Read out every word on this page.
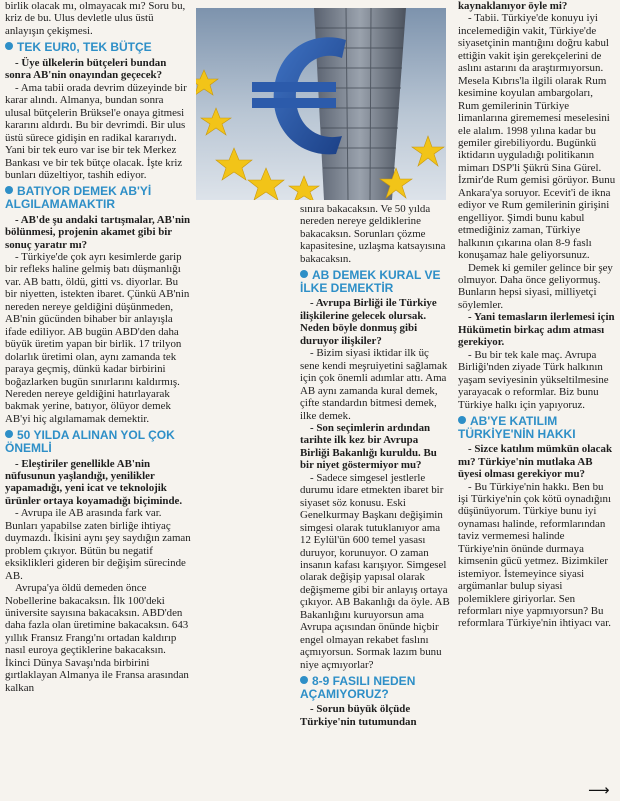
birlik olacak mı, olmayacak mı? Soru bu, kriz de bu. Ulus devletle ulus üstü anlayışın çekişmesi.

TEK EUR0, TEK BÜTÇE

- Üye ülkelerin bütçeleri bundan sonra AB'nin onayından geçecek?

- Ama tabii orada devrim düzeyinde bir karar alındı. Almanya, bundan sonra ulusal bütçelerin Brüksel'e onaya gitmesi kararını aldırdı. Bu bir devrimdi. Bir ulus üstü sürece gidişin en radikal kararıydı. Yani bir tek euro var ise bir tek Merkez Bankası ve bir tek bütçe olacak. İşte kriz bunları düzeltiyor, tashih ediyor.

BATIYOR DEMEK AB'Yİ ALGILAMAMAKTIR

- AB'de şu andaki tartışmalar, AB'nin bölünmesi, projenin akamet gibi bir sonuç yaratır mı?

- Türkiye'de çok ayrı kesimlerde garip bir refleks haline gelmiş batı düşmanlığı var. AB battı, öldü, gitti vs. diyorlar. Bu bir niyetten, istekten ibaret. Çünkü AB'nin nereden nereye geldiğini düşünmeden, AB'nin gücünden bihaber bir anlayışla ifade ediliyor. AB bugün ABD'den daha büyük üretim yapan bir birlik. 17 trilyon dolarlık üretimi olan, aynı zamanda tek paraya geçmiş, dünkü kadar birbirini boğazlarken bugün sınırlarını kaldırmış. Nereden nereye geldiğini hatırlayarak bakmak yerine, batıyor, ölüyor demek AB'yi hiç algılamamak demektir.

50 YILDA ALINAN YOL ÇOK ÖNEMLİ

- Eleştiriler genellikle AB'nin nüfusunun yaşlandığı, yenilikler yapamadığı, yeni icat ve teknolojik ürünler ortaya koyamadığı biçiminde.

- Avrupa ile AB arasında fark var. Bunları yapabilse zaten birliğe ihtiyaç duymazdı. İkisini aynı şey saydığın zaman problem çıkıyor. Bütün bu negatif eksiklikleri gideren bir değişim sürecinde AB.

Avrupa'ya öldü demeden önce Nobellerine bakacaksın. İlk 100'deki üniversite sayısına bakacaksın. ABD'den daha fazla olan üretimine bakacaksın. 643 yıllık Fransız Frangı'nı ortadan kaldırıp nasıl euroya geçtiklerine bakacaksın. İkinci Dünya Savaşı'nda birbirini gırtlaklayan Almanya ile Fransa arasından kalkan

sınıra bakacaksın. Ve 50 yılda nereden nereye geldiklerine bakacaksın. Sorunları çözme kapasitesine, uzlaşma katsayısına bakacaksın.

AB DEMEK KURAL VE İLKE DEMEKTİR

- Avrupa Birliği ile Türkiye ilişkilerine gelecek olursak. Neden böyle donmuş gibi duruyor ilişkiler?

- Bizim siyasi iktidar ilk üç sene kendi meşruiyetini sağlamak için çok önemli adımlar attı. Ama AB aynı zamanda kural demek, çifte standardın bitmesi demek, ilke demek.

- Son seçimlerin ardından tarihte ilk kez bir Avrupa Birliği Bakanlığı kuruldu. Bu bir niyet göstermiyor mu?

- Sadece simgesel jestlerle durumu idare etmekten ibaret bir siyaset söz konusu. Eski Genelkurmay Başkanı değişimin simgesi olarak tutuklanıyor ama 12 Eylül'ün 600 temel yasası duruyor, korunuyor. O zaman insanın kafası karışıyor. Simgesel olarak değişip yapısal olarak değişmeme gibi bir anlayış ortaya çıkıyor. AB Bakanlığı da öyle. AB Bakanlığını kuruyorsun ama Avrupa açısından önünde hiçbir engel olmayan rekabet faslını açmıyorsun. Sormak lazım bunu niye açmıyorlar?

8-9 FASILI NEDEN AÇAMIYORUZ?

- Sorun büyük ölçüde Türkiye'nin tutumundan

kaynaklanıyor öyle mi?

- Tabii. Türkiye'de konuyu iyi incelemediğin vakit, Türkiye'de siyasetçinin mantığını doğru kabul ettiğin vakit işin gerekçelerini de aslını astarını da araştırmıyorsun. Mesela Kıbrıs'la ilgili olarak Rum kesimine koyulan ambargoları, Rum gemilerinin Türkiye limanlarına girememesi meselesini ele alalım. 1998 yılına kadar bu gemiler girebiliyordu. Bugünkü iktidarın uyguladığı politikanın mimarı DSP'li Şükrü Sina Gürel. İzmir'de Rum gemisi görüyor. Bunu Ankara'ya soruyor. Ecevit'i de ikna ediyor ve Rum gemilerinin girişini engelliyor. Şimdi bunu kabul etmediğiniz zaman, Türkiye halkının çıkarına olan 8-9 faslı konuşamaz hale geliyorsunuz.

Demek ki gemiler gelince bir şey olmuyor. Daha önce geliyormuş. Bunların hepsi siyasi, milliyetçi söylemler.

- Yani temasların ilerlemesi için Hükümetin birkaç adım atması gerekiyor.

- Bu bir tek kale maç. Avrupa Birliği'nden ziyade Türk halkının yaşam seviyesinin yükseltilmesine yarayacak o reformlar. Biz bunu Türkiye halkı için yapıyoruz.

AB'YE KATILIM TÜRKİYE'NİN HAKKI

- Sizce katılım mümkün olacak mı? Türkiye'nin mutlaka AB üyesi olması gerekiyor mu?

- Bu Türkiye'nin hakkı. Ben bu işi Türkiye'nin çok kötü oynadığını düşünüyorum. Türkiye bunu iyi oynaması halinde, reformlarından taviz vermemesi halinde Türkiye'nin önünde durmaya kimsenin gücü yetmez. Bizimkiler istemiyor. İstemeyince siyasi argümanlar bulup siyasi polemiklere giriyorlar. Sen reformları niye yapmıyorsun? Bu reformlara Türkiye'nin ihtiyacı var.

⟶
